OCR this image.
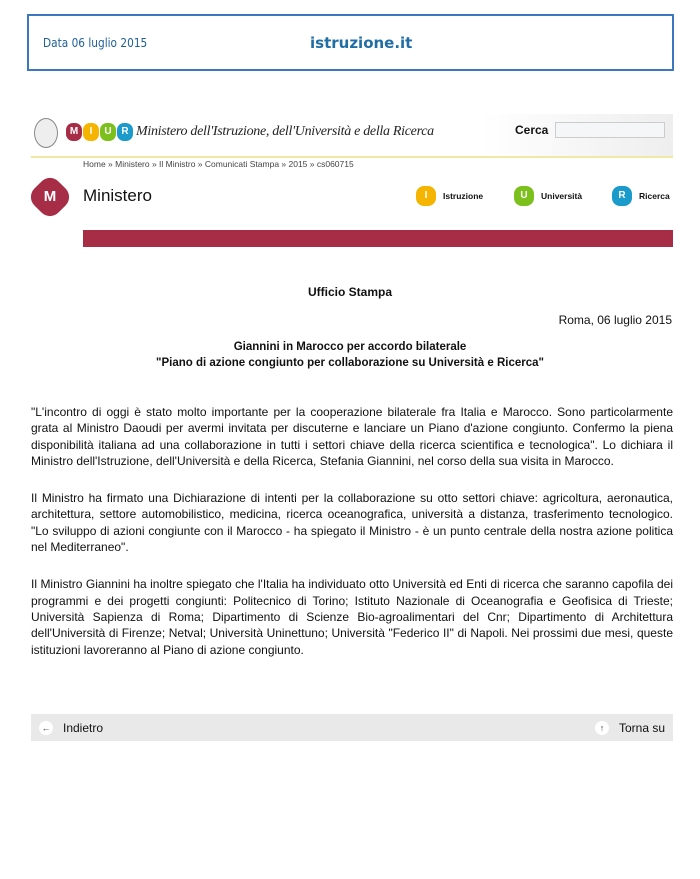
Data 06 luglio 2015	istruzione.it
M	I	U R Ministero dell'Istruzione, dell'Università e della Ricerca	Cerca
Home » Ministero » Il Ministro » Comunicati Stampa » 2015 » cs060715
M	Ministero	I	Istruzione	U	Università	R	Ricerca
Ufficio Stampa
Roma, 06 luglio 2015
Giannini in Marocco per accordo bilaterale
"Piano di azione congiunto per collaborazione su Università e Ricerca"

"L'incontro di oggi è stato molto importante per la cooperazione bilaterale fra Italia e Marocco. Sono particolarmente grata al Ministro Daoudi per avermi invitata per discuterne e lanciare un Piano d'azione congiunto. Confermo la piena disponibilità italiana ad una collaborazione in tutti i settori chiave della ricerca scientifica e tecnologica". Lo dichiara il Ministro dell'Istruzione, dell'Università e della Ricerca, Stefania Giannini, nel corso della sua visita in Marocco.

Il Ministro ha firmato una Dichiarazione di intenti per la collaborazione su otto settori chiave: agricoltura, aeronautica, architettura, settore automobilistico, medicina, ricerca oceanografica, università a distanza, trasferimento tecnologico. "Lo sviluppo di azioni congiunte con il Marocco - ha spiegato il Ministro - è un punto centrale della nostra azione politica nel Mediterraneo".

Il Ministro Giannini ha inoltre spiegato che l'Italia ha individuato otto Università ed Enti di ricerca che saranno capofila dei programmi e dei progetti congiunti: Politecnico di Torino; Istituto Nazionale di Oceanografia e Geofisica di Trieste; Università Sapienza di Roma; Dipartimento di Scienze Bio-agroalimentari del Cnr; Dipartimento di Architettura dell'Università di Firenze; Netval; Università Uninettuno; Università "Federico II" di Napoli. Nei prossimi due mesi, queste istituzioni lavoreranno al Piano di azione congiunto.

← Indietro	↑	Torna su
